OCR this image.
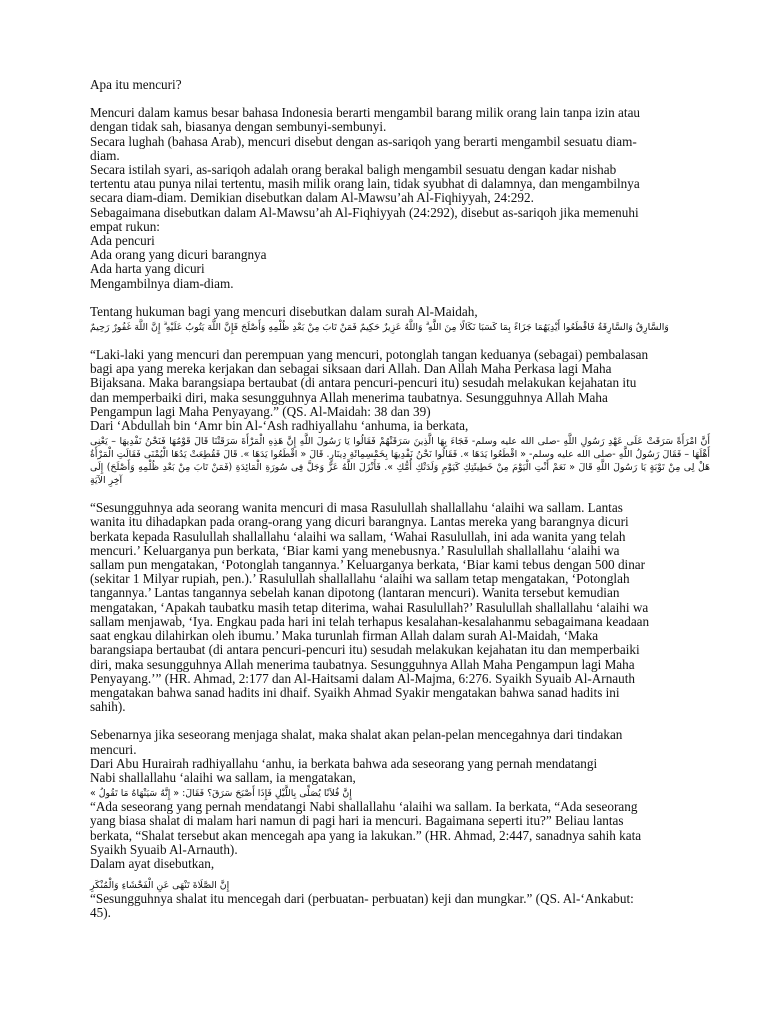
Apa itu mencuri?

Mencuri dalam kamus besar bahasa Indonesia berarti mengambil barang milik orang lain tanpa izin atau

dengan tidak sah, biasanya dengan sembunyi-sembunyi.

Secara lughah (bahasa Arab), mencuri disebut dengan as-sariqoh yang berarti mengambil sesuatu diam-

diam.

Secara istilah syari, as-sariqoh adalah orang berakal baligh mengambil sesuatu dengan kadar nishab

tertentu atau punya nilai tertentu, masih milik orang lain, tidak syubhat di dalamnya, dan mengambilnya

secara diam-diam. Demikian disebutkan dalam Al-Mawsu’ah Al-Fiqhiyyah, 24:292.

Sebagaimana disebutkan dalam Al-Mawsu’ah Al-Fiqhiyyah (24:292), disebut as-sariqoh jika memenuhi

empat rukun:

Ada pencuri

Ada orang yang dicuri barangnya

Ada harta yang dicuri

Mengambilnya diam-diam.

Tentang hukuman bagi yang mencuri disebutkan dalam surah Al-Maidah,

وَالسَّارِقُ وَالسَّارِقَةُ فَاقْطَعُوا أَيْدِيَهُمَا جَزَاءً بِمَا كَسَبَا نَكَالًا مِنَ اللَّهِ ۗ وَاللَّهُ عَزِيزٌ حَكِيمٌ فَمَنْ تَابَ مِنْ بَعْدِ ظُلْمِهِ وَأَصْلَحَ فَإِنَّ اللَّهَ يَتُوبُ عَلَيْهِ ۗ إِنَّ اللَّهَ غَفُورٌ رَحِيمٌ

“Laki-laki yang mencuri dan perempuan yang mencuri, potonglah tangan keduanya (sebagai) pembalasan

bagi apa yang mereka kerjakan dan sebagai siksaan dari Allah. Dan Allah Maha Perkasa lagi Maha

Bijaksana. Maka barangsiapa bertaubat (di antara pencuri-pencuri itu) sesudah melakukan kejahatan itu

dan memperbaiki diri, maka sesungguhnya Allah menerima taubatnya. Sesungguhnya Allah Maha

Pengampun lagi Maha Penyayang.” (QS. Al-Maidah: 38 dan 39)

Dari ‘Abdullah bin ‘Amr bin Al-‘Ash radhiyallahu ‘anhuma, ia berkata,

أَنَّ امْرَأَةً سَرَقَتْ عَلَى عَهْدِ رَسُولِ اللَّهِ -صلى الله عليه وسلم- فَجَاءَ بِهَا الَّذِينَ سَرَقَتْهُمْ فَقَالُوا يَا رَسُولَ اللَّهِ إِنَّ هَذِهِ الْمَرْأَةَ سَرَقَتْنَا قَالَ قَوْمُهَا فَنَحْنُ نَفْدِيهَا – يَعْنِى أَهْلَهَا – فَقَالَ رَسُولُ اللَّهِ -صلى الله عليه وسلم- « اقْطَعُوا يَدَهَا ». فَقَالُوا نَحْنُ نَفْدِيهَا بِخَمْسِمِائَةِ دِينَارٍ. قَالَ « اقْطَعُوا يَدَهَا ». قَالَ فَقُطِعَتْ يَدُهَا الْيُمْنَى فَقَالَتِ الْمَرْأَةُ هَلْ لِى مِنْ تَوْبَةٍ يَا رَسُولَ اللَّهِ قَالَ « نَعَمْ أَنْتِ الْيَوْمَ مِنْ خَطِيئَتِكِ كَيَوْمِ وَلَدَتْكِ أُمُّكِ ». فَأَنْزَلَ اللَّهُ عَزَّ وَجَلَّ فِى سُورَةِ الْمَائِدَةِ (فَمَنْ تَابَ مِنْ بَعْدِ ظُلْمِهِ وَأَصْلَحَ) إِلَى آخِرِ الآيَةِ

“Sesungguhnya ada seorang wanita mencuri di masa Rasulullah shallallahu ‘alaihi wa sallam. Lantas

wanita itu dihadapkan pada orang-orang yang dicuri barangnya. Lantas mereka yang barangnya dicuri

berkata kepada Rasulullah shallallahu ‘alaihi wa sallam, ‘Wahai Rasulullah, ini ada wanita yang telah

mencuri.’ Keluarganya pun berkata, ‘Biar kami yang menebusnya.’ Rasulullah shallallahu ‘alaihi wa

sallam pun mengatakan, ‘Potonglah tangannya.’ Keluarganya berkata, ‘Biar kami tebus dengan 500 dinar

(sekitar 1 Milyar rupiah, pen.).’ Rasulullah shallallahu ‘alaihi wa sallam tetap mengatakan, ‘Potonglah

tangannya.’ Lantas tangannya sebelah kanan dipotong (lantaran mencuri). Wanita tersebut kemudian

mengatakan, ‘Apakah taubatku masih tetap diterima, wahai Rasulullah?’ Rasulullah shallallahu ‘alaihi wa

sallam menjawab, ‘Iya. Engkau pada hari ini telah terhapus kesalahan-kesalahanmu sebagaimana keadaan

saat engkau dilahirkan oleh ibumu.’ Maka turunlah firman Allah dalam surah Al-Maidah, ‘Maka

barangsiapa bertaubat (di antara pencuri-pencuri itu) sesudah melakukan kejahatan itu dan memperbaiki

diri, maka sesungguhnya Allah menerima taubatnya. Sesungguhnya Allah Maha Pengampun lagi Maha

Penyayang.’” (HR. Ahmad, 2:177 dan Al-Haitsami dalam Al-Majma, 6:276. Syaikh Syuaib Al-Arnauth

mengatakan bahwa sanad hadits ini dhaif. Syaikh Ahmad Syakir mengatakan bahwa sanad hadits ini

sahih).

Sebenarnya jika seseorang menjaga shalat, maka shalat akan pelan-pelan mencegahnya dari tindakan

mencuri.

Dari Abu Hurairah radhiyallahu ‘anhu, ia berkata bahwa ada seseorang yang pernah mendatangi

Nabi shallallahu ‘alaihi wa sallam, ia mengatakan,

إِنَّ فُلاَنًا يُصَلِّى بِاللَّيْلِ فَإِذَا أَصْبَحَ سَرَقَ؟ فَقَالَ: « إِنَّهُ سَيَنْهَاهُ مَا تَقُولُ »

“Ada seseorang yang pernah mendatangi Nabi shallallahu ‘alaihi wa sallam. Ia berkata, “Ada seseorang

yang biasa shalat di malam hari namun di pagi hari ia mencuri. Bagaimana seperti itu?” Beliau lantas

berkata, “Shalat tersebut akan mencegah apa yang ia lakukan.” (HR. Ahmad, 2:447, sanadnya sahih kata

Syaikh Syuaib Al-Arnauth).

Dalam ayat disebutkan,

إِنَّ الصَّلَاةَ تَنْهَى عَنِ الْفَحْشَاءِ وَالْمُنْكَرِ

“Sesungguhnya shalat itu mencegah dari (perbuatan- perbuatan) keji dan mungkar.” (QS. Al-‘Ankabut:

45).
